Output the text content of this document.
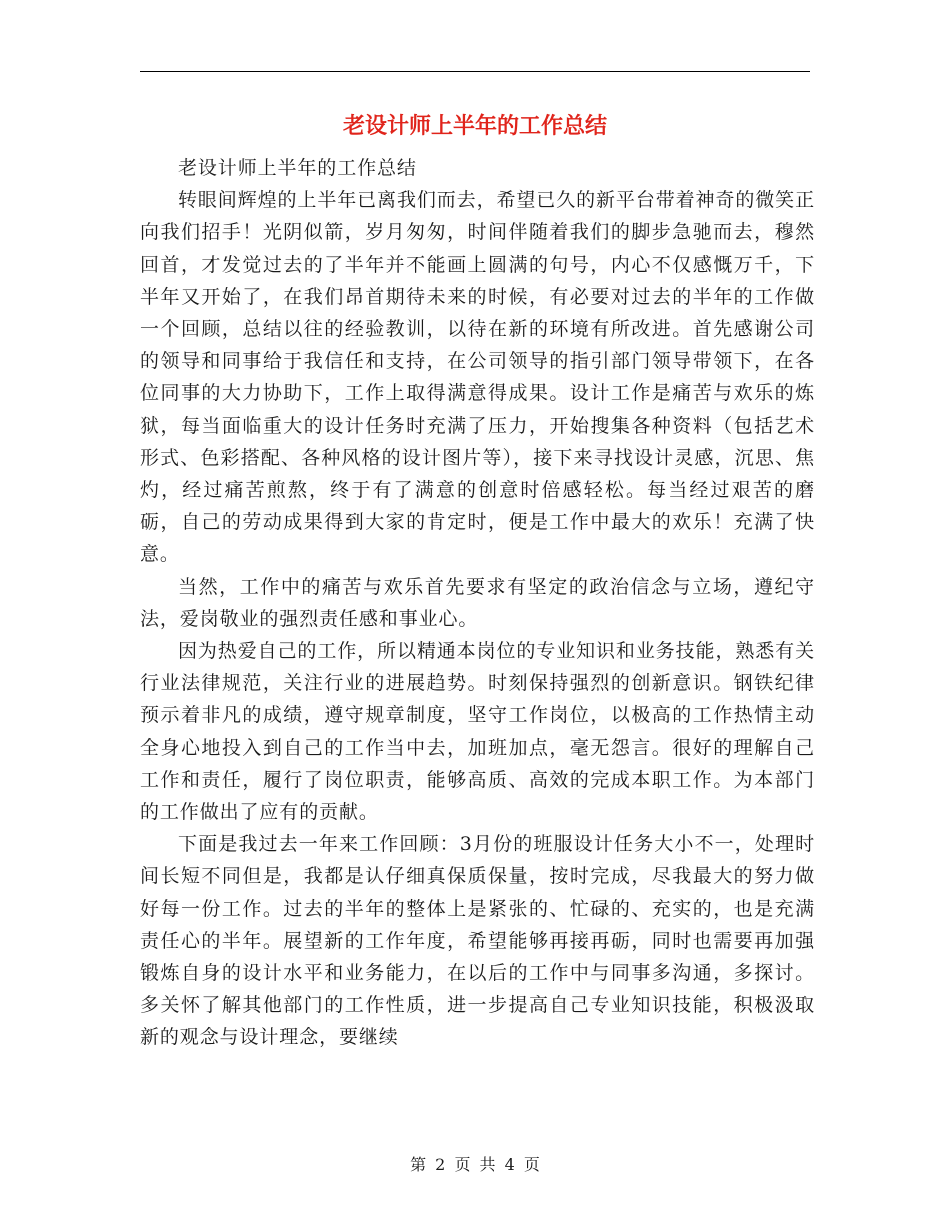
老设计师上半年的工作总结

老设计师上半年的工作总结

转眼间辉煌的上半年已离我们而去，希望已久的新平台带着神奇的微笑正向我们招手！光阴似箭，岁月匆匆，时间伴随着我们的脚步急驰而去，穆然回首，才发觉过去的了半年并不能画上圆满的句号，内心不仅感慨万千，下半年又开始了，在我们昂首期待未来的时候，有必要对过去的半年的工作做一个回顾，总结以往的经验教训，以待在新的环境有所改进。首先感谢公司的领导和同事给于我信任和支持，在公司领导的指引部门领导带领下，在各位同事的大力协助下，工作上取得满意得成果。设计工作是痛苦与欢乐的炼狱，每当面临重大的设计任务时充满了压力，开始搜集各种资料（包括艺术形式、色彩搭配、各种风格的设计图片等），接下来寻找设计灵感，沉思、焦灼，经过痛苦煎熬，终于有了满意的创意时倍感轻松。每当经过艰苦的磨砺，自己的劳动成果得到大家的肯定时，便是工作中最大的欢乐！充满了快意。

当然，工作中的痛苦与欢乐首先要求有坚定的政治信念与立场，遵纪守法，爱岗敬业的强烈责任感和事业心。

因为热爱自己的工作，所以精通本岗位的专业知识和业务技能，熟悉有关行业法律规范，关注行业的进展趋势。时刻保持强烈的创新意识。钢铁纪律预示着非凡的成绩，遵守规章制度，坚守工作岗位，以极高的工作热情主动全身心地投入到自己的工作当中去，加班加点，毫无怨言。很好的理解自己工作和责任，履行了岗位职责，能够高质、高效的完成本职工作。为本部门的工作做出了应有的贡献。

下面是我过去一年来工作回顾：3月份的班服设计任务大小不一，处理时间长短不同但是，我都是认仔细真保质保量，按时完成，尽我最大的努力做好每一份工作。过去的半年的整体上是紧张的、忙碌的、充实的，也是充满责任心的半年。展望新的工作年度，希望能够再接再砺，同时也需要再加强锻炼自身的设计水平和业务能力，在以后的工作中与同事多沟通，多探讨。多关怀了解其他部门的工作性质，进一步提高自己专业知识技能，积极汲取新的观念与设计理念，要继续

第 2 页 共 4 页
